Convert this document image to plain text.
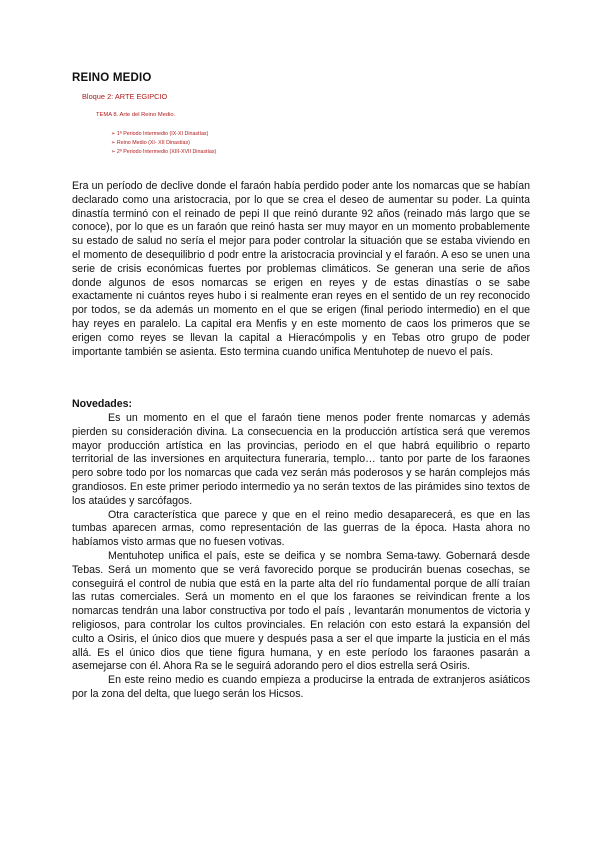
REINO MEDIO
Bloque 2: ARTE EGIPCIO
TEMA 8. Arte del Reino Medio.
➢ 1º Periodo Intermedio (IX-XI Dinastías)
➢ Reino Medio (XI- XII Dinastías)
➢ 2º Periodo Intermedio (XIII-XVII Dinastías)
Era un período de declive donde el faraón había perdido poder ante los nomarcas que se habían declarado como una aristocracia, por lo que se crea el deseo de aumentar su poder. La quinta dinastía terminó con el reinado de pepi II que reinó durante 92 años (reinado más largo que se conoce), por lo que es un faraón que reinó hasta ser muy mayor en un momento probablemente su estado de salud no sería el mejor para poder controlar la situación que se estaba viviendo en el momento de desequilibrio d podr entre la aristocracia provincial y el faraón. A eso se unen una serie de crisis económicas fuertes por problemas climáticos. Se generan una serie de años donde algunos de esos nomarcas se erigen en reyes y de estas dinastías o se sabe exactamente ni cuántos reyes hubo i si realmente eran reyes en el sentido de un rey reconocido por todos, se da además un momento en el que se erigen (final periodo intermedio) en el que hay reyes en paralelo. La capital era Menfis y en este momento de caos los primeros que se erigen como reyes se llevan la capital a Hieracómpolis y en Tebas otro grupo de poder importante también se asienta. Esto termina cuando unifica Mentuhotep de nuevo el país.
Novedades:

Es un momento en el que el faraón tiene menos poder frente nomarcas y además pierden su consideración divina. La consecuencia en la producción artística será que veremos mayor producción artística en las provincias, periodo en el que habrá equilibrio o reparto territorial de las inversiones en arquitectura funeraria, templo… tanto por parte de los faraones pero sobre todo por los nomarcas que cada vez serán más poderosos y se harán complejos más grandiosos. En este primer periodo intermedio ya no serán textos de las pirámides sino textos de los ataúdes y sarcófagos.

Otra característica que parece y que en el reino medio desaparecerá, es que en las tumbas aparecen armas, como representación de las guerras de la época. Hasta ahora no habíamos visto armas que no fuesen votivas.

Mentuhotep unifica el país, este se deifica y se nombra Sema-tawy. Gobernará desde Tebas. Será un momento que se verá favorecido porque se producirán buenas cosechas, se conseguirá el control de nubia que está en la parte alta del río fundamental porque de allí traían las rutas comerciales. Será un momento en el que los faraones se reivindican frente a los nomarcas tendrán una labor constructiva por todo el país , levantarán monumentos de victoria y religiosos, para controlar los cultos provinciales. En relación con esto estará la expansión del culto a Osiris, el único dios que muere y después pasa a ser el que imparte la justicia en el más allá. Es el único dios que tiene figura humana, y en este período los faraones pasarán a asemejarse con él. Ahora Ra se le seguirá adorando pero el dios estrella será Osiris.

En este reino medio es cuando empieza a producirse la entrada de extranjeros asiáticos por la zona del delta, que luego serán los Hicsos.
